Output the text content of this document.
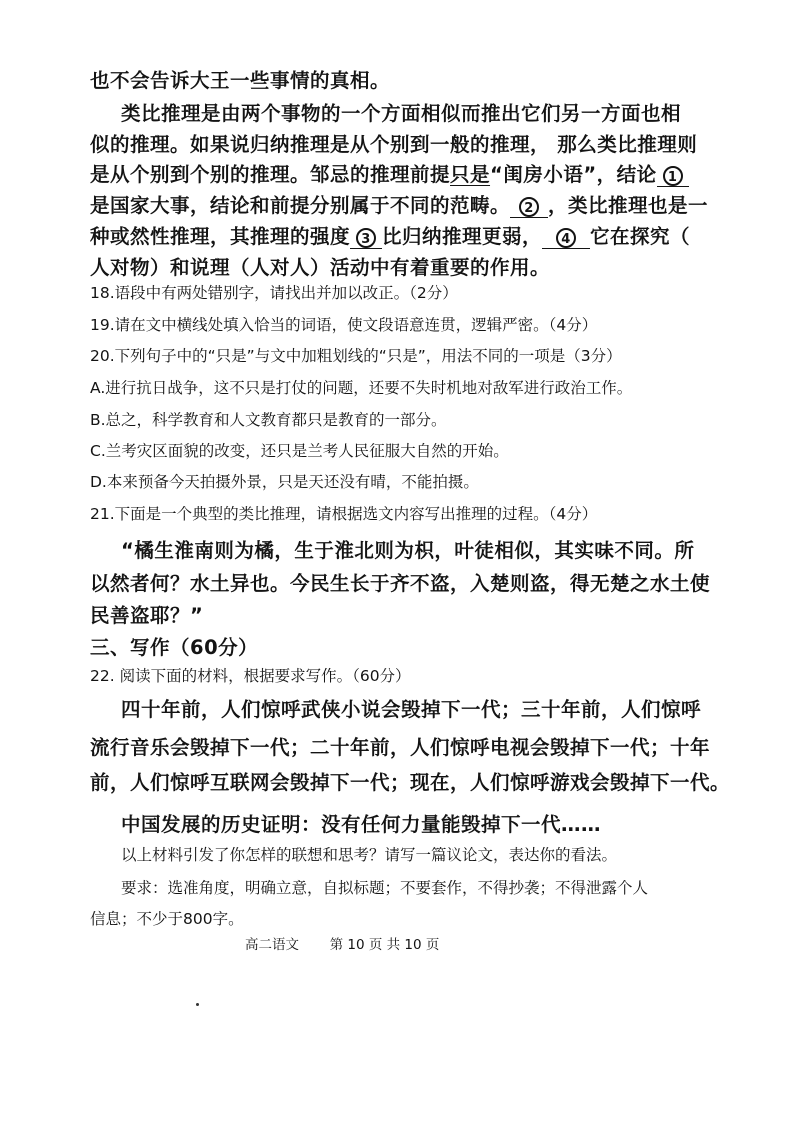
也不会告诉大王一些事情的真相。
类比推理是由两个事物的一个方面相似而推出它们另一方面也相
似的推理。如果说归纳推理是从个别到一般的推理， 那么类比推理则
是从个别到个别的推理。邹忌的推理前提只是“闺房小语”，结论 1
是国家大事，结论和前提分别属于不同的范畴。 2 ，类比推理也是一
种或然性推理，其推理的强度 3 比归纳推理更弱， 4 它在探究（
人对物）和说理（人对人）活动中有着重要的作用。
18.语段中有两处错别字，请找出并加以改正。（2分）
19.请在文中横线处填入恰当的词语，使文段语意连贯，逻辑严密。（4分）
20.下列句子中的“只是”与文中加粗划线的“只是”，用法不同的一项是（3分）
A.进行抗日战争，这不只是打仗的问题，还要不失时机地对敌军进行政治工作。
B.总之，科学教育和人文教育都只是教育的一部分。
C.兰考灾区面貌的改变，还只是兰考人民征服大自然的开始。
D.本来预备今天拍摄外景，只是天还没有晴，不能拍摄。
21.下面是一个典型的类比推理，请根据选文内容写出推理的过程。（4分）
“橘生淮南则为橘，生于淮北则为枳，叶徒相似，其实味不同。所
以然者何？水土异也。今民生长于齐不盗，入楚则盗，得无楚之水土使
民善盗耶？”
三、写作（60分）
22. 阅读下面的材料，根据要求写作。（60分）
四十年前，人们惊呼武侠小说会毁掉下一代；三十年前，人们惊呼
流行音乐会毁掉下一代；二十年前，人们惊呼电视会毁掉下一代；十年
前，人们惊呼互联网会毁掉下一代；现在，人们惊呼游戏会毁掉下一代。
中国发展的历史证明：没有任何力量能毁掉下一代……
以上材料引发了你怎样的联想和思考？请写一篇议论文，表达你的看法。
要求：选准角度，明确立意，自拟标题；不要套作，不得抄袭；不得泄露个人
信息；不少于800字。
高二语文 第 10 页 共 10 页
